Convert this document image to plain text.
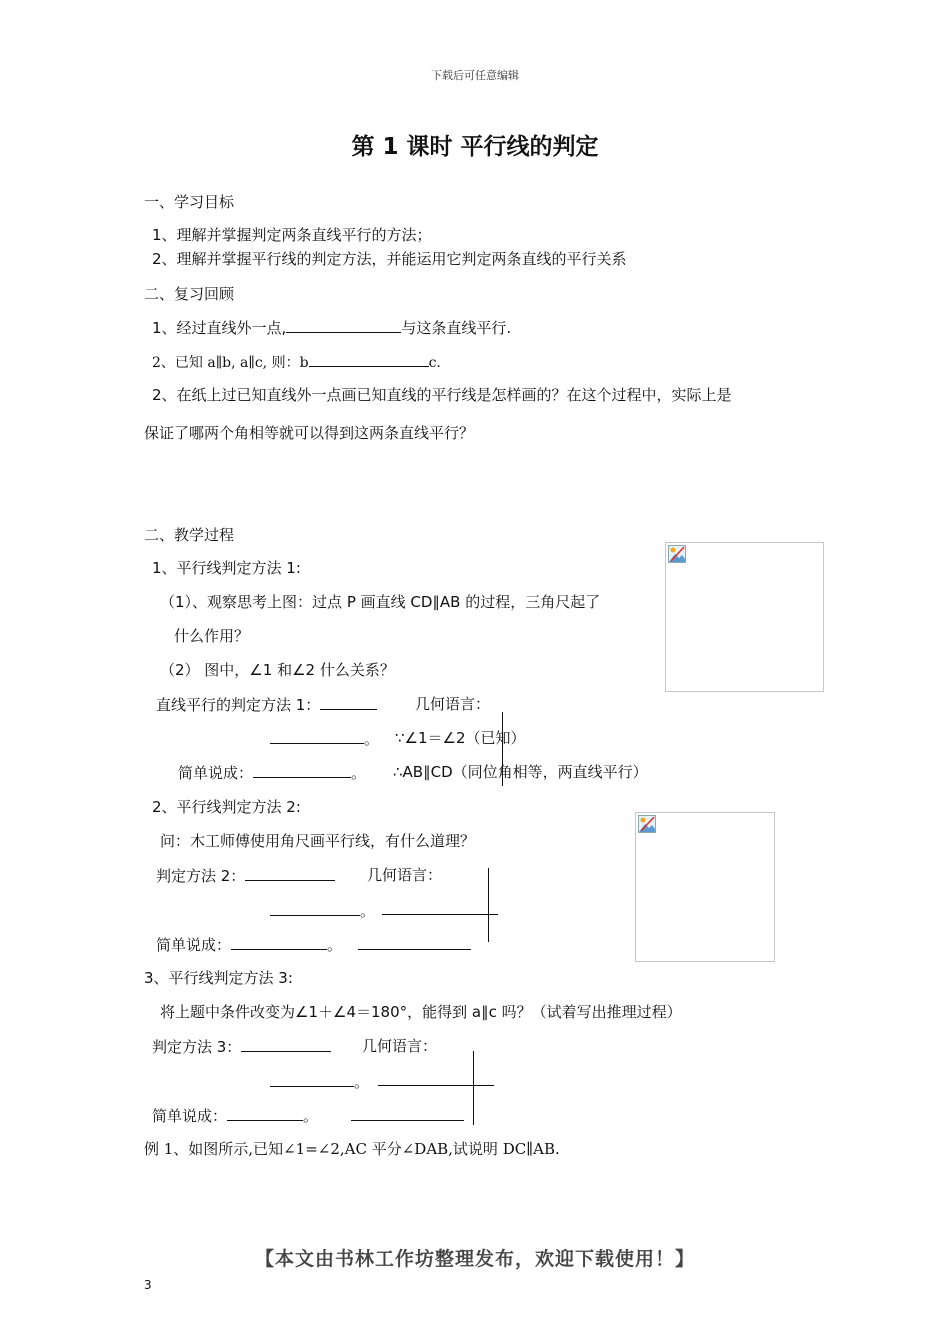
下载后可任意编辑
第 1 课时 平行线的判定
一、学习目标
1、理解并掌握判定两条直线平行的方法；
2、理解并掌握平行线的判定方法，并能运用它判定两条直线的平行关系
二、复习回顾
1、经过直线外一点,	与这条直线平行.
2、已知 a∥b, a∥c, 则：b	c.
2、在纸上过已知直线外一点画已知直线的平行线是怎样画的？在这个过程中，实际上是
保证了哪两个角相等就可以得到这两条直线平行？
二、教学过程
1、平行线判定方法 1:
（1）、观察思考上图：过点 P 画直线 CD∥AB 的过程，三角尺起了
什么作用？
（2） 图中，∠1 和∠2 什么关系？
直线平行的判定方法 1：	几何语言：
。 ∵∠1＝∠2（已知）
简单说成：	。 ∴AB∥CD（同位角相等，两直线平行）
2、平行线判定方法 2:
问：木工师傅使用角尺画平行线，有什么道理？
判定方法 2：	几何语言：
。
简单说成：	。
3、平行线判定方法 3:
将上题中条件改变为∠1＋∠4＝180°，能得到 a∥c 吗？（试着写出推理过程）
判定方法 3：	几何语言：
。
简单说成：	。
例 1、如图所示,已知∠1=∠2,AC 平分∠DAB,试说明 DC∥AB.
【本文由书林工作坊整理发布，欢迎下载使用！】
3
